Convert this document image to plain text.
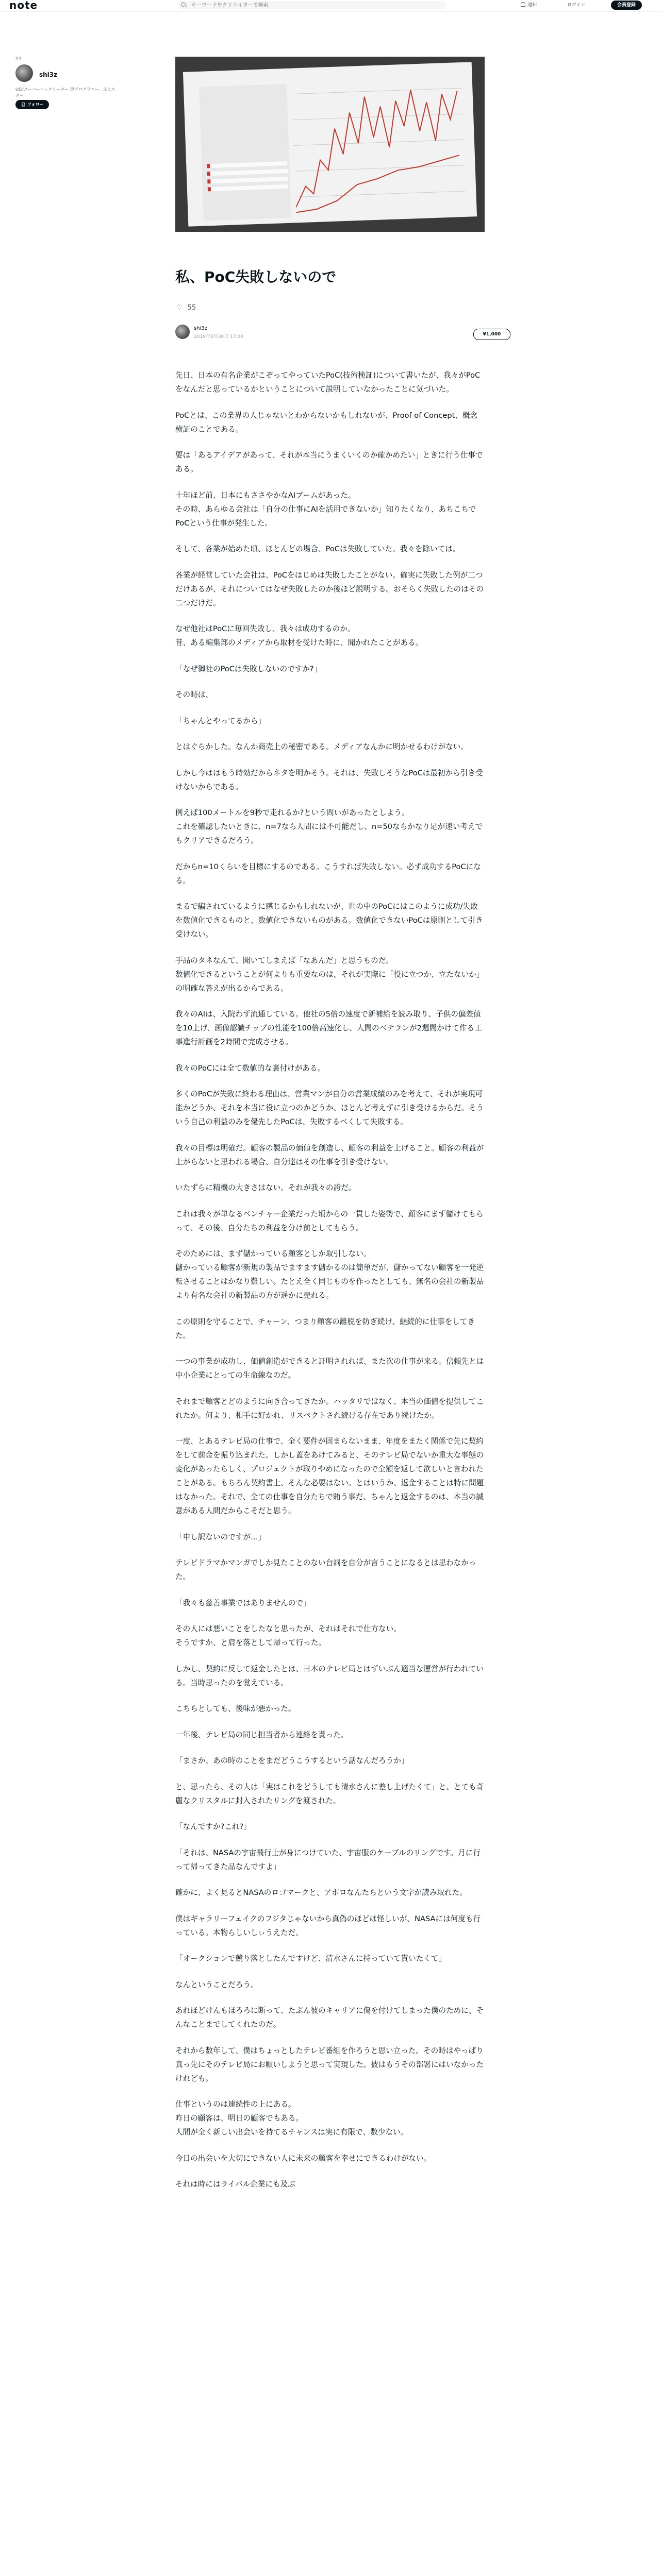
note
キーワードやクリエイターで検索	通知	ログイン	会員登録
03
shi3z
UEI/ユーバーハックリーダー 現プログラマー、元ミスター
👤︎ フォロー
私、PoC失敗しないので
♡ 55
shi3z
2019年3月30日 17:00	¥1,000

先日、日本の有名企業がこぞってやっていたPoC(技術検証)について書いたが、我々がPoCをなんだと思っているかということについて説明していなかったことに気づいた。

PoCとは、この業界の人じゃないとわからないかもしれないが、Proof of Concept、概念検証のことである。

要は「あるアイデアがあって、それが本当にうまくいくのか確かめたい」ときに行う仕事である。

十年ほど前、日本にもささやかなAIブームがあった。
その時、あらゆる会社は「自分の仕事にAIを活用できないか」知りたくなり、あちこちでPoCという仕事が発生した。

そして、各業が始めた頃、ほとんどの場合、PoCは失敗していた。我々を除いては。

各業が経営していた会社は、PoCをはじめは失敗したことがない。確実に失敗した例が二つだけあるが、それについてはなぜ失敗したのか後ほど説明する。おそらく失敗したのはその二つだけだ。

なぜ他社はPoCに毎回失敗し、我々は成功するのか。
昔、ある編集部のメディアから取材を受けた時に、聞かれたことがある。

「なぜ御社のPoCは失敗しないのですか?」

その時は、

「ちゃんとやってるから」

とはぐらかした。なんか商売上の秘密である。メディアなんかに明かせるわけがない。

しかし今ははもう時効だからネタを明かそう。それは、失敗しそうなPoCは最初から引き受けないからである。

例えば100メートルを9秒で走れるか?という問いがあったとしよう。
これを確認したいときに、n=7なら人間には不可能だし、n=50ならかなり足が速い考えでもクリアできるだろう。

だからn=10くらいを目標にするのである。こうすれば失敗しない。必ず成功するPoCになる。

まるで騙されているように感じるかもしれないが、世の中のPoCにはこのように成功/失敗を数値化できるものと、数値化できないものがある。数値化できないPoCは原則として引き受けない。

手品のタネなんて、聞いてしまえば「なあんだ」と思うものだ。
数値化できるということが何よりも重要なのは、それが実際に「役に立つか、立たないか」の明確な答えが出るからである。

我々のAIは、入院わず流通している。他社の5倍の速度で新補給を読み取り、子供の偏差値を10上げ、画像認識チップの性能を100倍高速化し、人間のベテランが2週間かけて作る工事進行計画を2時間で完成させる。

我々のPoCには全て数値的な裏付けがある。

多くのPoCが失敗に終わる理由は、営業マンが自分の営業成績のみを考えて、それが実現可能かどうか、それを本当に役に立つのかどうか、ほとんど考えずに引き受けるからだ。そういう自己の利益のみを優先したPoCは、失敗するべくして失敗する。

我々の目標は明確だ。顧客の製品の価値を創造し、顧客の利益を上げること。顧客の利益が上がらないと思われる場合、自分達はその仕事を引き受けない。

いたずらに精機の大きさはない。それが我々の誇だ。

これは我々が単なるベンチャー企業だった頃からの一貫した姿勢で、顧客にまず儲けてもらって、その後、自分たちの利益を分け前としてもらう。

そのためには、まず儲かっている顧客としか取引しない。
儲かっている顧客が新規の製品でますます儲かるのは簡単だが、儲かってない顧客を一発逆転させることはかなり難しい。たとえ全く同じものを作ったとしても、無名の会社の新製品より有名な会社の新製品の方が遥かに売れる。

この原則を守ることで、チャーン、つまり顧客の離脱を防ぎ続け、継続的に仕事をしてきた。

一つの事業が成功し、価値創造ができると証明されれば、また次の仕事が来る。信頼先とは中小企業にとっての生命線なのだ。

それまで顧客とどのように向き合ってきたか。ハッタリではなく、本当の価値を提供してこれたか。何より、相手に好かれ、リスペクトされ続ける存在であり続けたか。

一度、とあるテレビ局の仕事で、全く要件が固まらないまま、年度をまたく関係で先に契約をして前金を振り込まれた。しかし蓋をあけてみると、そのテレビ局でないか重大な事態の変化があったらしく、プロジェクトが取りやめになったので全額を返して欲しいと言われたことがある。もちろん契約書上、そんな必要はない。とはいうか、返金することは特に問題はなかった。それで、全ての仕事を自分たちで賄う事だ、ちゃんと返金するのは、本当の誠意がある人間だからこそだと思う。

「申し訳ないのですが…」

テレビドラマかマンガでしか見たことのない台詞を自分が言うことになるとは思わなかった。

「我々も慈善事業ではありませんので」

その人には悪いことをしたなと思ったが、それはそれで仕方ない。
そうですか、と肩を落として帰って行った。

しかし、契約に反して返金したとは、日本のテレビ局とはずいぶん適当な運営が行われている。当時思ったのを覚えている。

こちらとしても、後味が悪かった。

一年後、テレビ局の同じ担当者から連絡を貰った。

「まさか、あの時のことをまだどうこうするという話なんだろうか」

と、思ったら、その人は「実はこれをどうしても清水さんに差し上げたくて」と、とても奇麗なクリスタルに封入されたリングを渡された。

「なんですか?これ?」

「それは、NASAの宇宙飛行士が身につけていた、宇宙服のケーブルのリングです。月に行って帰ってきた品なんですよ」

確かに、よく見るとNASAのロゴマークと、アポロなんたらという文字が読み取れた。

僕はギャラリーフェイクのフジタじゃないから真偽のほどは怪しいが、NASAには何度も行っている。本物らしいしぃうえただ。

「オークションで競り落としたんですけど、清水さんに持っていて貰いたくて」

なんということだろう。

あれほどけんもほろろに断って、たぶん彼のキャリアに傷を付けてしまった僕のために、そんなことまでしてくれたのだ。

それから数年して、僕はちょっとしたテレビ番組を作ろうと思い立った。その時はやっぱり真っ先にそのテレビ局にお願いしようと思って実現した。彼はもうその部署にはいなかったけれども。

仕事というのは連続性の上にある。
昨日の顧客は、明日の顧客でもある。
人間が全く新しい出会いを持てるチャンスは実に有限で、数少ない。

今日の出会いを大切にできない人に未来の顧客を幸せにできるわけがない。

それは時にはライバル企業にも及ぶ
